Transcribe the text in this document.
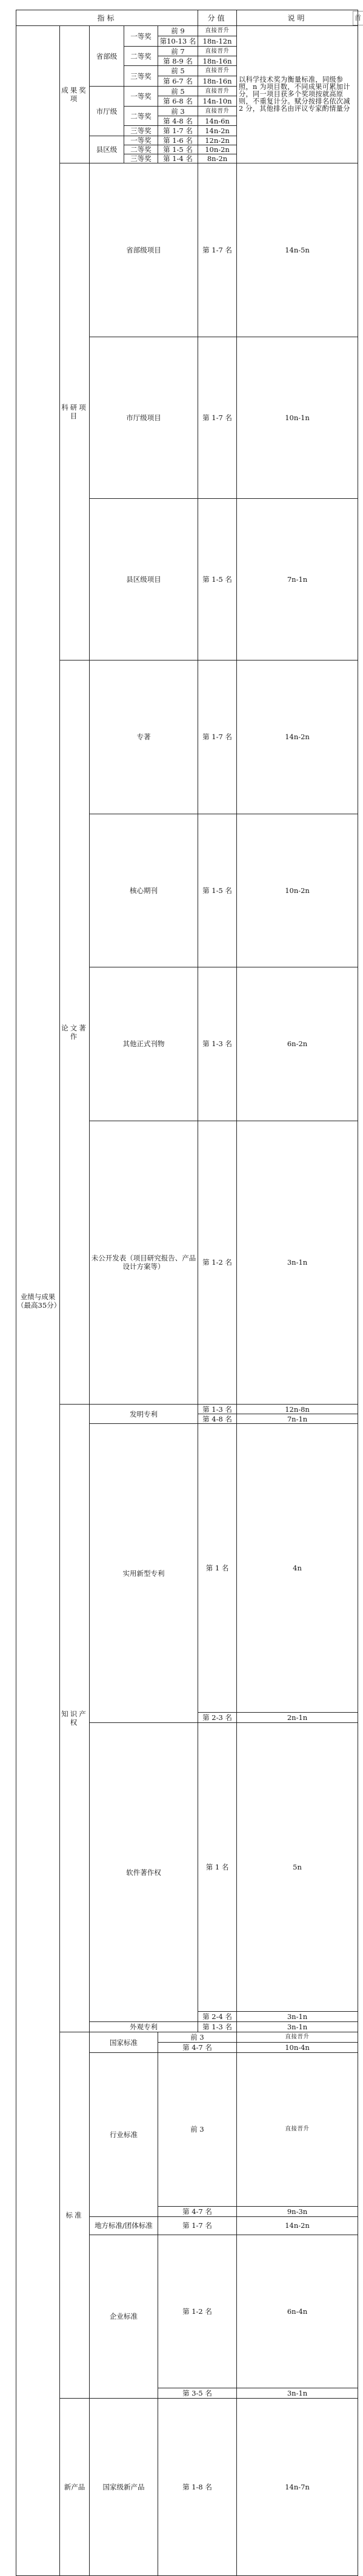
首
指标					分值	说明	
业绩与成果（最高35分）	成果奖项	省部级	一等奖	前 9	直接晋升	以科学技术奖为衡量标准，同级参照，n 为项目数，不同成果可累加计分，同一项目获多个奖项按就高原则，不重复计分。赋分按排名依次减 2 分，其他排名由评议专家酌情量分	
				第10-13 名	18n-12n		
			二等奖	前 7	直接晋升		
				第 8-9 名	18n-16n		
			三等奖	前 5	直接晋升		
				第 6-7 名	18n-16n		
		市厅级	一等奖	前 5	直接晋升		
				第 6-8 名	14n-10n		
			二等奖	前 3	直接晋升		
				第 4-8 名	14n-6n		
			三等奖	第 1-7 名	14n-2n		
		县区级	一等奖	第 1-6 名	12n-2n		
			二等奖	第 1-5 名	10n-2n		
			三等奖	第 1-4 名	8n-2n		
	科研项目	省部级项目			第 1-7 名	14n-5n	
		市厅级项目			第 1-7 名	10n-1n	
		县区级项目			第 1-5 名	7n-1n	
	论文著作	专著			第 1-7 名	14n-2n	
		核心期刊			第 1-5 名	10n-2n	
		其他正式刊物			第 1-3 名	6n-2n	
		未公开发表（项目研究报告、产品设计方案等）			第 1-2 名	3n-1n	
	知识产权	发明专利			第 1-3 名	12n-8n	
					第 4-8 名	7n-1n	
		实用新型专利			第 1 名	4n	
					第 2-3 名	2n-1n	
		软件著作权			第 1 名	5n	
					第 2-4 名	3n-1n	
		外观专利			第 1-3 名	3n-1n	
	标准	国家标准		前 3		直接晋升	
				第 4-7 名		10n-4n	
		行业标准		前 3		直接晋升	
				第 4-7 名		9n-3n	
		地方标准/团体标准		第 1-7 名		14n-2n	
		企业标准		第 1-2 名		6n-4n	
				第 3-5 名		3n-1n	
	新产品	国家级新产品		第 1-8 名		14n-7n	
